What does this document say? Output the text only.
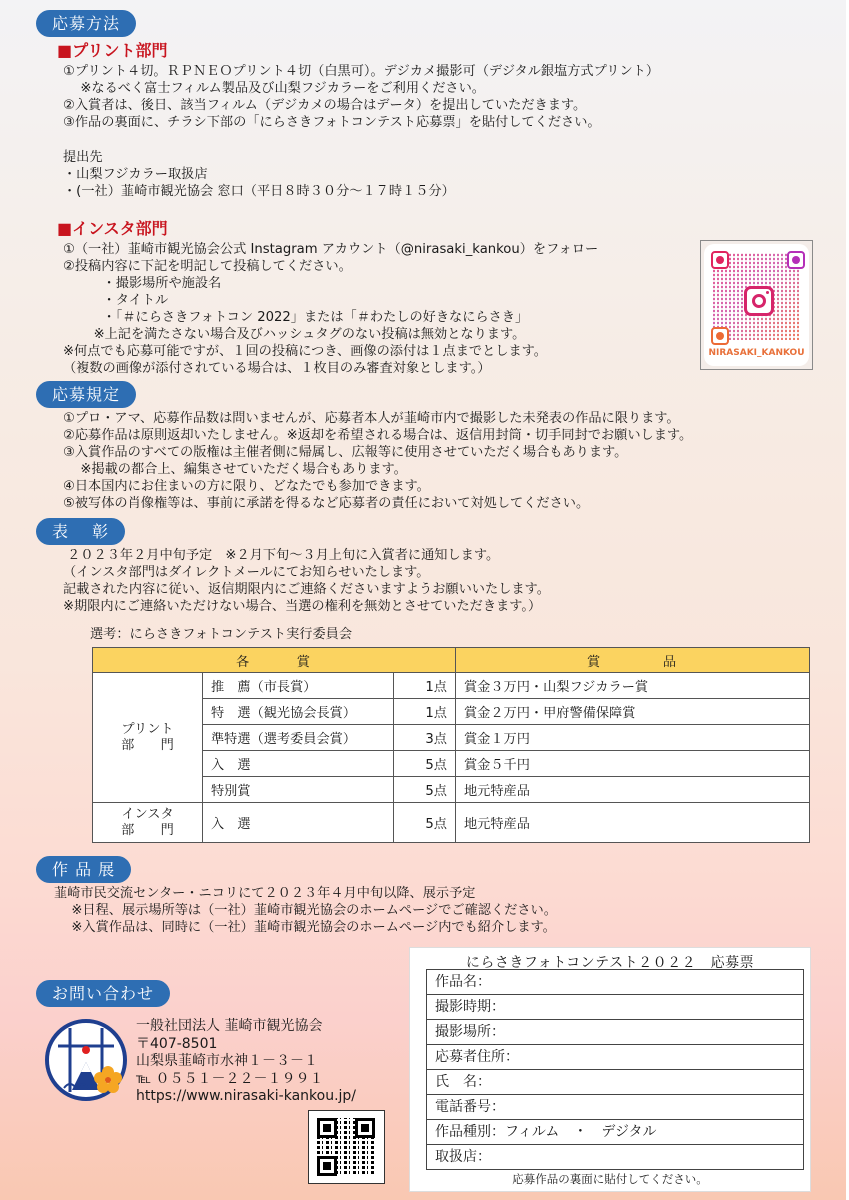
応募方法
■プリント部門
①プリント４切。ＲＰＮＥＯプリント４切（白黒可）。デジカメ撮影可（デジタル銀塩方式プリント）
　 ※なるべく富士フィルム製品及び山梨フジカラーをご利用ください。
②入賞者は、後日、該当フィルム（デジカメの場合はデータ）を提出していただきます。
③作品の裏面に、チラシ下部の「にらさきフォトコンテスト応募票」を貼付してください。
提出先
・山梨フジカラー取扱店
・(一社）韮崎市観光協会 窓口（平日８時３０分～１７時１５分）
■インスタ部門
①（一社）韮崎市観光協会公式 Instagram アカウント（@nirasaki_kankou）をフォロー
②投稿内容に下記を明記して投稿してください。
　　　・撮影場所や施設名
　　　・タイトル
　　　・「＃にらさきフォトコン 2022」または「＃わたしの好きなにらさき」
　　 ※上記を満たさない場合及びハッシュタグのない投稿は無効となります。
※何点でも応募可能ですが、１回の投稿につき、画像の添付は１点までとします。
（複数の画像が添付されている場合は、１枚目のみ審査対象とします。）
NIRASAKI_KANKOU
応募規定
①プロ・アマ、応募作品数は問いませんが、応募者本人が韮崎市内で撮影した未発表の作品に限ります。
②応募作品は原則返却いたしません。※返却を希望される場合は、返信用封筒・切手同封でお願いします。
③入賞作品のすべての版権は主催者側に帰属し、広報等に使用させていただく場合もあります。
　 ※掲載の都合上、編集させていただく場合もあります。
④日本国内にお住まいの方に限り、どなたでも参加できます。
⑤被写体の肖像権等は、事前に承諾を得るなど応募者の責任において対処してください。
表　 彰
　２０２３年２月中旬予定　※２月下旬～３月上旬に入賞者に通知します。
（インスタ部門はダイレクトメールにてお知らせいたします。
記載された内容に従い、返信期限内にご連絡くださいますようお願いいたします。
※期限内にご連絡いただけない場合、当選の権利を無効とさせていただきます。）
選考：にらさきフォトコンテスト実行委員会
各　　　賞			賞　　　　品
プリント
部　　門	推　薦（市長賞）	1点	賞金３万円・山梨フジカラー賞
	特　選（観光協会長賞）	1点	賞金２万円・甲府警備保障賞
	準特選（選考委員会賞）	3点	賞金１万円
	入　選	5点	賞金５千円
	特別賞	5点	地元特産品
インスタ
部　　門	入　選	5点	地元特産品
作 品 展
韮崎市民交流センター・ニコリにて２０２３年４月中旬以降、展示予定
　 ※日程、展示場所等は（一社）韮崎市観光協会のホームページでご確認ください。
　 ※入賞作品は、同時に（一社）韮崎市観光協会のホームページ内でも紹介します。
お問い合わせ
一般社団法人 韮崎市観光協会
〒407-8501
山梨県韮崎市水神１－３－１
℡ ０５５１－２２－１９９１
https://www.nirasaki-kankou.jp/
にらさきフォトコンテスト２０２２　応募票
作品名：
撮影時期：
撮影場所：
応募者住所：
氏　名：
電話番号：
作品種別：フィルム　・　デジタル
取扱店：
応募作品の裏面に貼付してください。
